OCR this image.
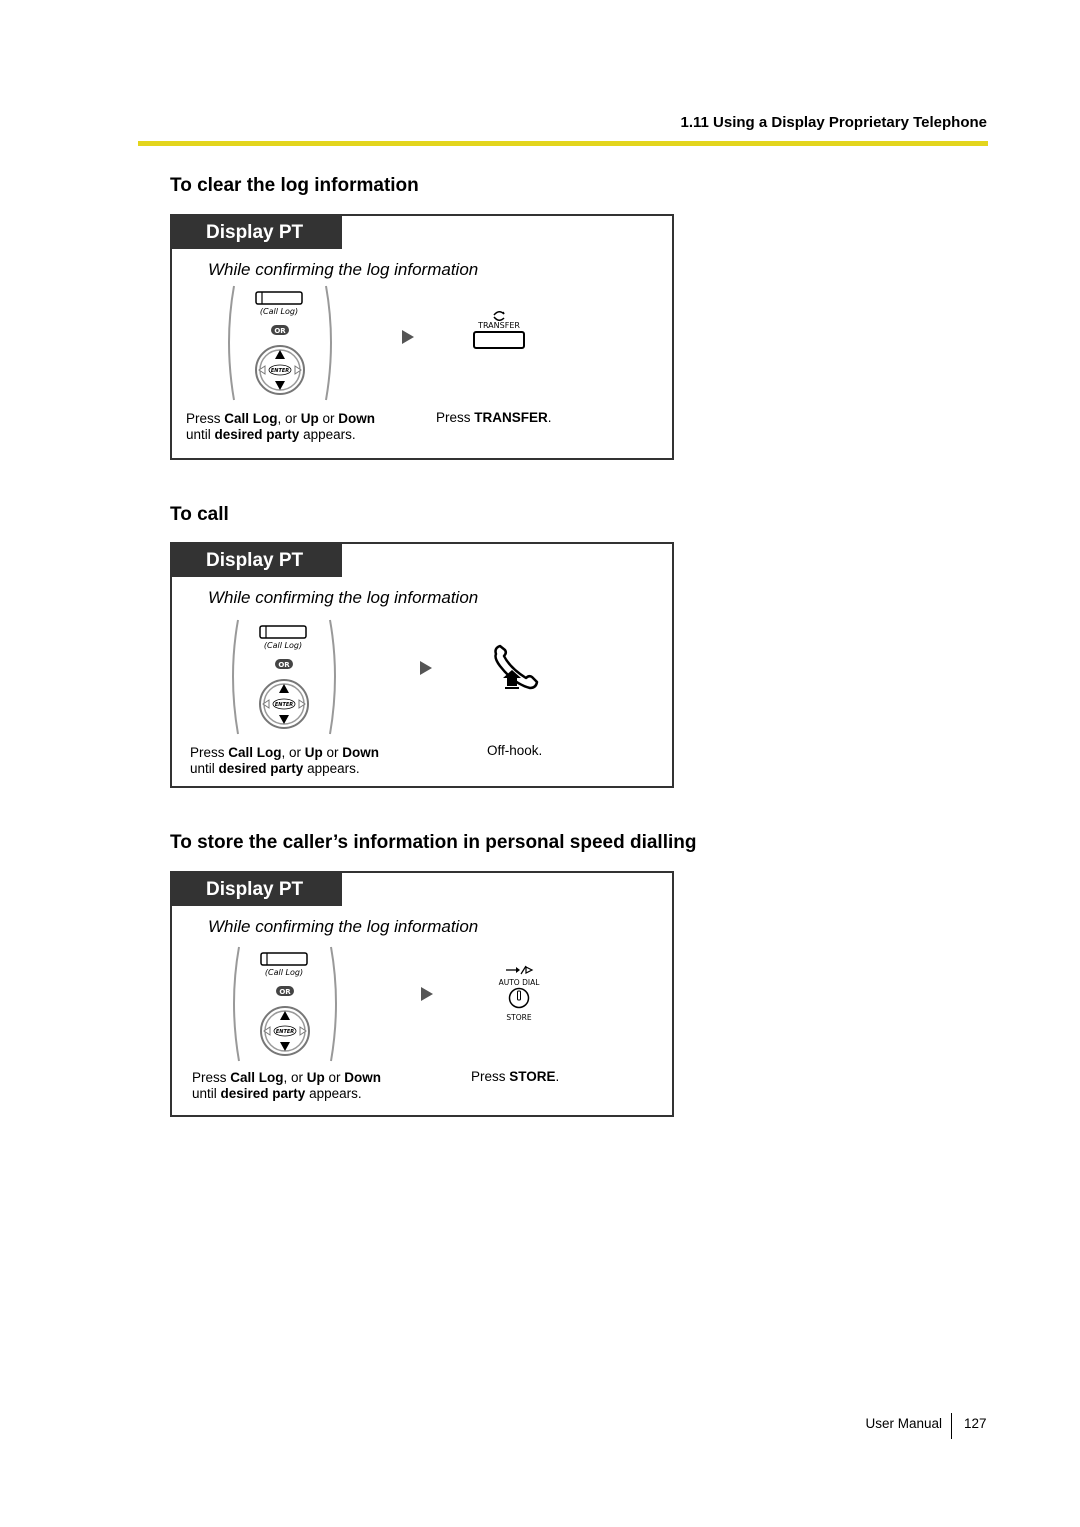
1.11 Using a Display Proprietary Telephone
To clear the log information
Display PT
While confirming the log information
(Call Log)
OR
ENTER
TRANSFER
Press Call Log, or Up or Down
until desired party appears.
Press TRANSFER.
To call
Display PT
While confirming the log information
(Call Log)
OR
ENTER
Press Call Log, or Up or Down
until desired party appears.
Off-hook.
To store the caller’s information in personal speed dialling
Display PT
While confirming the log information
(Call Log)
OR
ENTER
AUTO DIAL
STORE
Press Call Log, or Up or Down
until desired party appears.
Press STORE.
User Manual 127
